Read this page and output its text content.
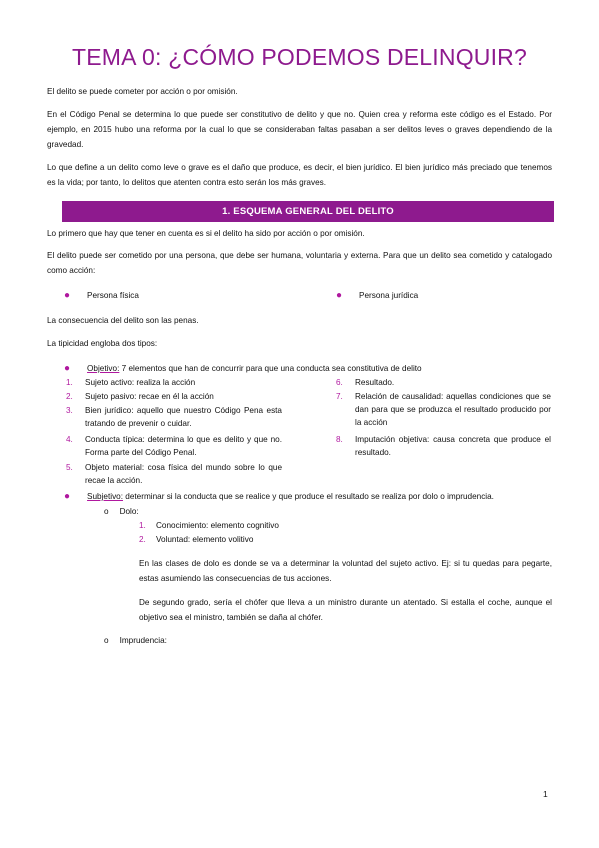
TEMA 0: ¿CÓMO PODEMOS DELINQUIR?

El delito se puede cometer por acción o por omisión.

En el Código Penal se determina lo que puede ser constitutivo de delito y que no. Quien crea y reforma este código es el Estado. Por ejemplo, en 2015 hubo una reforma por la cual lo que se consideraban faltas pasaban a ser delitos leves o graves dependiendo de la gravedad.

Lo que define a un delito como leve o grave es el daño que produce, es decir, el bien jurídico. El bien jurídico más preciado que tenemos es la vida; por tanto, lo delitos que atenten contra esto serán los más graves.

1. ESQUEMA GENERAL DEL DELITO

Lo primero que hay que tener en cuenta es si el delito ha sido por acción o por omisión.

El delito puede ser cometido por una persona, que debe ser humana, voluntaria y externa. Para que un delito sea cometido y catalogado como acción:

● Persona física	● Persona jurídica

La consecuencia del delito son las penas.

La tipicidad engloba dos tipos:

● Objetivo: 7 elementos que han de concurrir para que una conducta sea constitutiva de delito
1.	Sujeto activo: realiza la acción
2.	Sujeto pasivo: recae en él la acción
3.	Bien jurídico: aquello que nuestro Código Pena esta tratando de prevenir o cuidar.
4.	Conducta típica: determina lo que es delito y que no. Forma parte del Código Penal.
5.	Objeto material: cosa física del mundo sobre lo que recae la acción.
6.	Resultado.
7.	Relación de causalidad: aquellas condiciones que se dan para que se produzca el resultado producido por la acción
8.	Imputación objetiva: causa concreta que produce el resultado.
● Subjetivo: determinar si la conducta que se realice y que produce el resultado se realiza por dolo o imprudencia.
o Dolo:
1.	Conocimiento: elemento cognitivo
2.	Voluntad: elemento volitivo

En las clases de dolo es donde se va a determinar la voluntad del sujeto activo. Ej: si tu quedas para pegarte, estas asumiendo las consecuencias de tus acciones.

De segundo grado, sería el chófer que lleva a un ministro durante un atentado. Si estalla el coche, aunque el objetivo sea el ministro, también se daña al chófer.

o Imprudencia:
1
